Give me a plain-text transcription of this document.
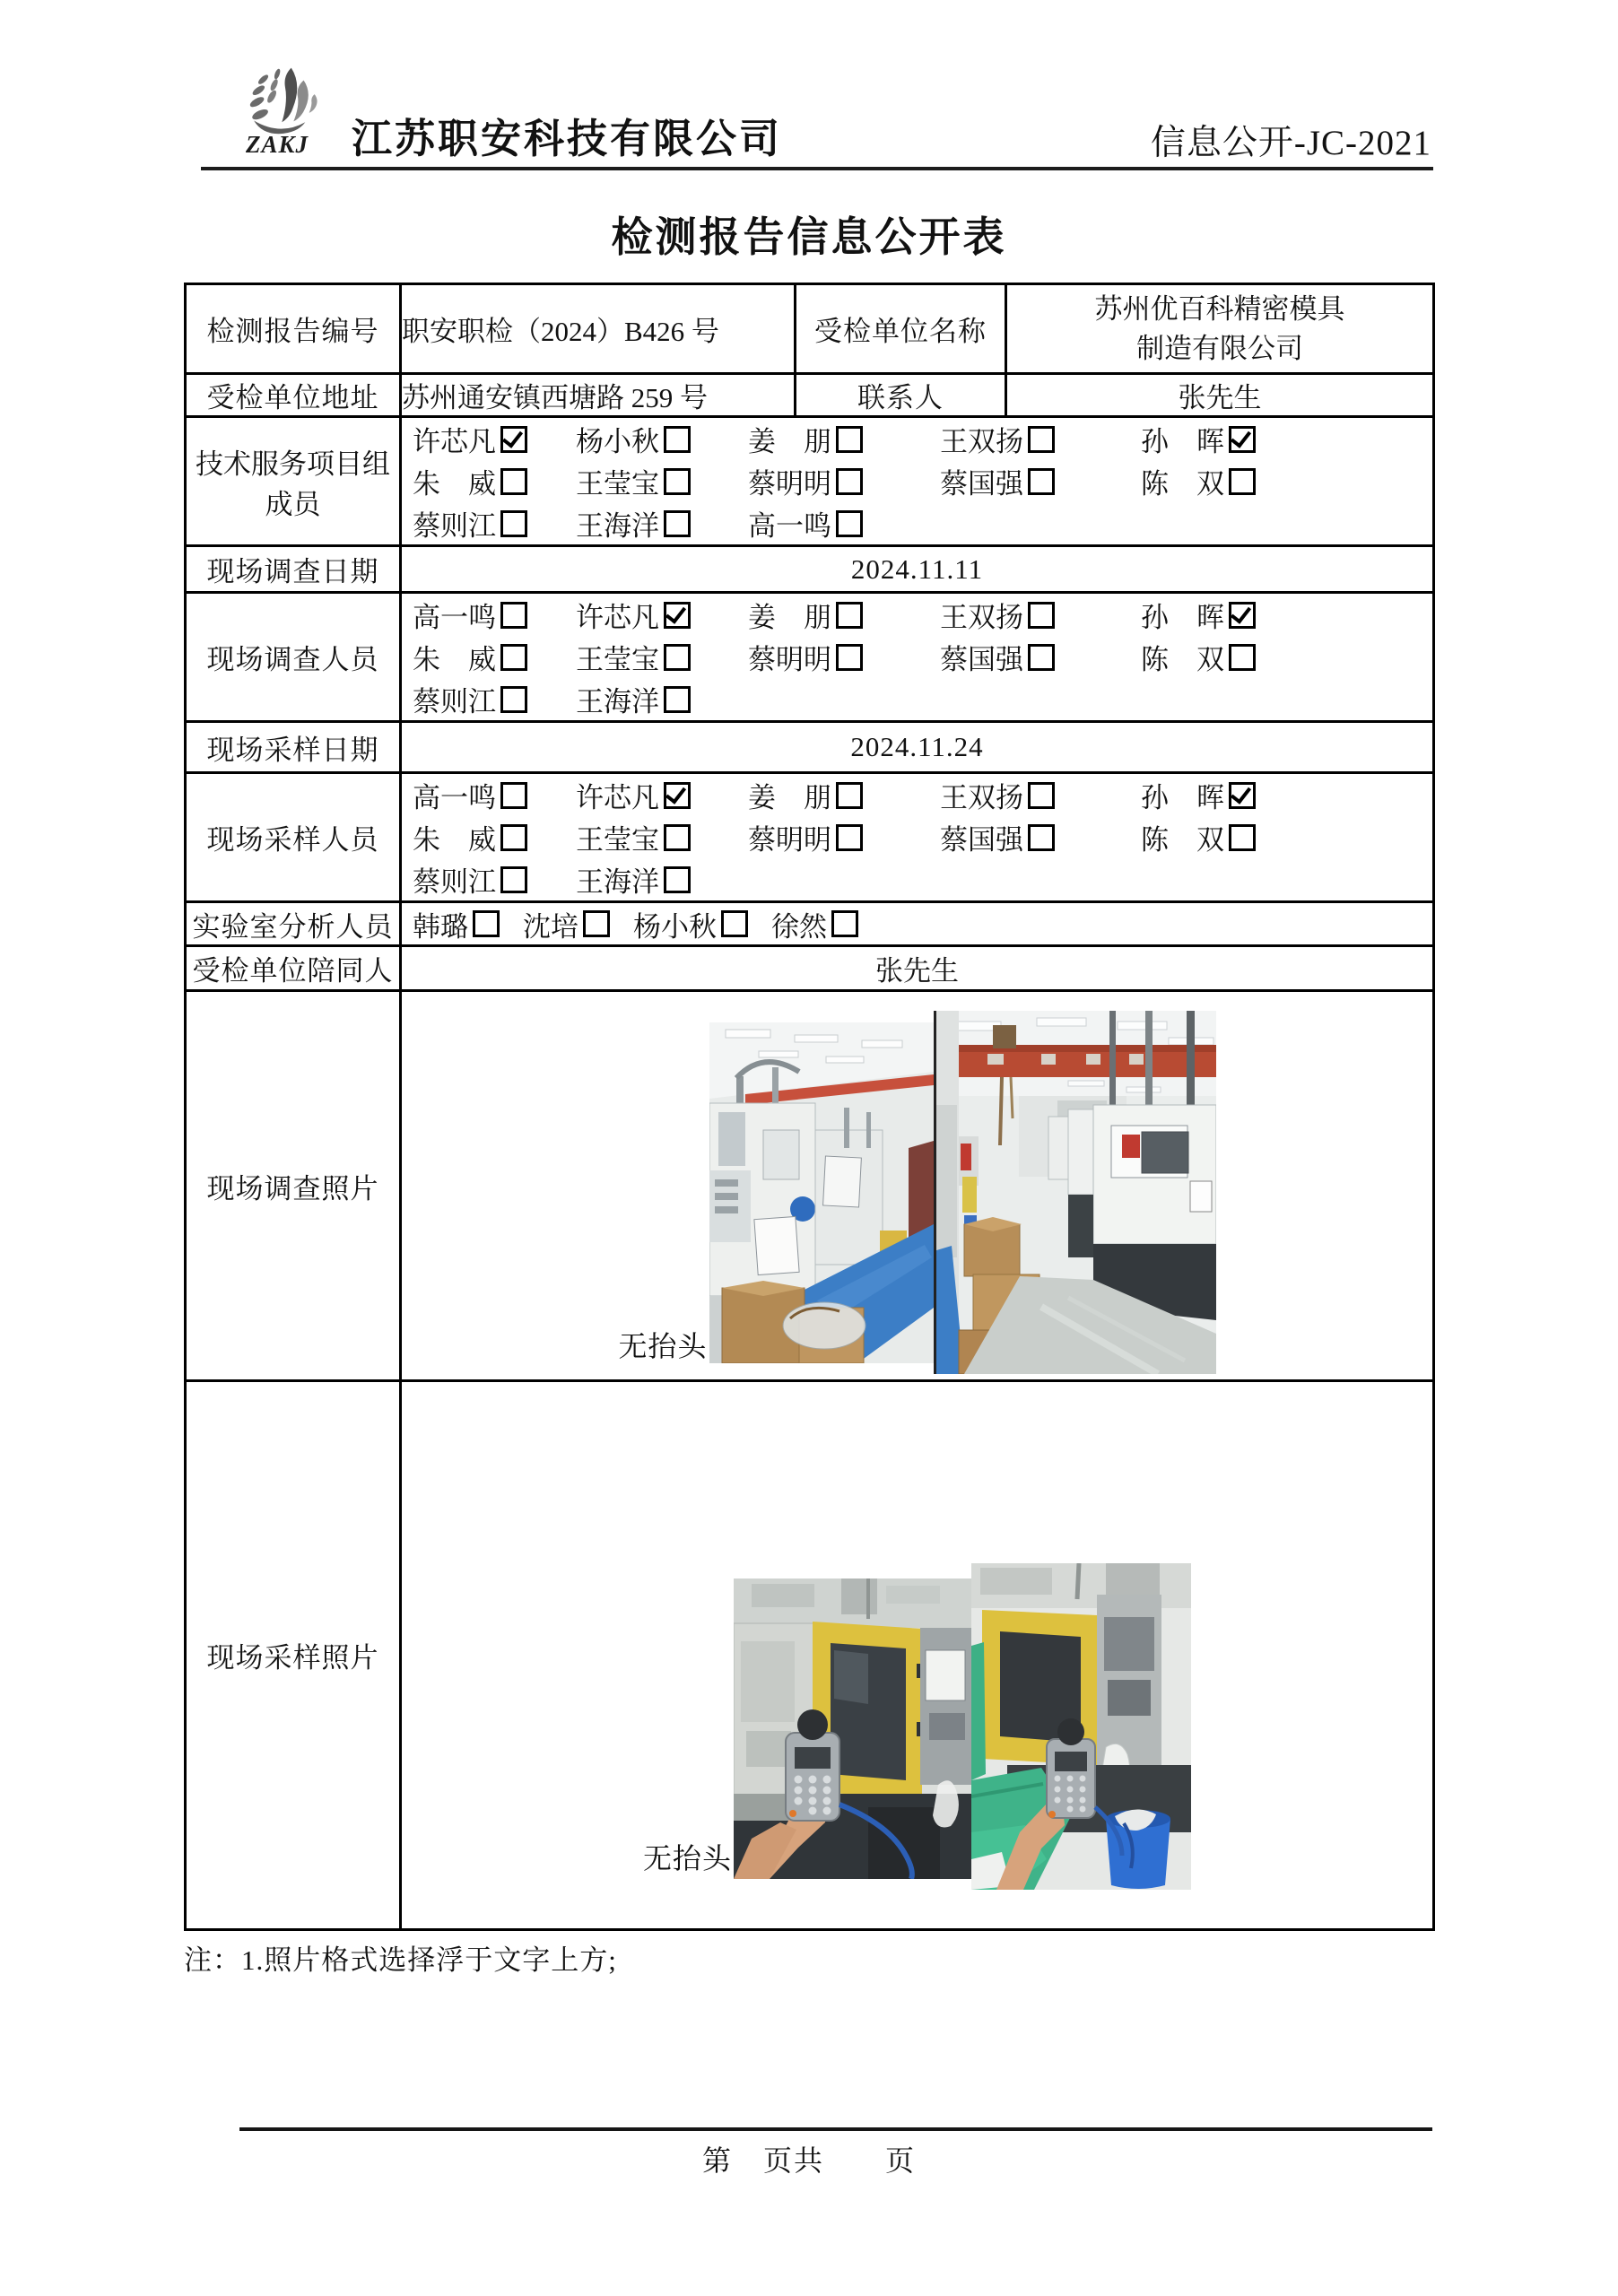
ZAKJ 江苏职安科技有限公司	信息公开-JC-2021
检测报告信息公开表
检测报告编号	职安职检（2024）B426 号	受检单位名称	苏州优百科精密模具制造有限公司

受检单位地址	苏州通安镇西塘路 259 号	联系人	张先生
技术服务项目组成员	
许芯凡	杨小秋	姜　朋	王双扬	孙　晖
朱　威	王莹宝	蔡明明	蔡国强	陈　双
蔡则江	王海洋	高一鸣

现场调查日期	2024.11.11		
现场调查人员	
高一鸣	许芯凡	姜　朋	王双扬	孙　晖
朱　威	王莹宝	蔡明明	蔡国强	陈　双
蔡则江	王海洋

现场采样日期	2024.11.24		
现场采样人员	
高一鸣	许芯凡	姜　朋	王双扬	孙　晖
朱　威	王莹宝	蔡明明	蔡国强	陈　双
蔡则江	王海洋

实验室分析人员	韩璐 沈培 杨小秋 徐然		

受检单位陪同人	张先生		
现场调查照片	无抬头		

现场采样照片	无抬头		
注：1.照片格式选择浮于文字上方;
第　页共　　页
